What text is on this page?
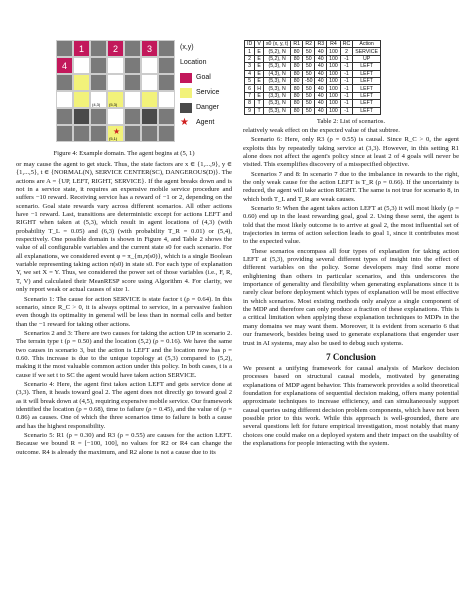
1	2	3
4
(4,3) (5,3)
★
(5,1)
(x,y)
Location
Goal
Service
Danger
★	Agent
Figure 4: Example domain. The agent begins at (5, 1)

or may cause the agent to get stuck. Thus, the state factors are x ∈ {1,...,9}, y ∈ {1,...,5}, t ∈ {NORMAL(N), SERVICE CENTER(SC), DANGEROUS(D)}. The actions are A = {UP, LEFT, RIGHT, SERVICE}. If the agent breaks down and is not in a service state, it requires an expensive mobile service procedure and suffers −10 reward. Receiving service has a reward of −1 or 2, depending on the scenario. Goal state rewards vary across different scenarios. All other actions have −1 reward. Last, transitions are deterministic except for actions LEFT and RIGHT when taken at (5,3), which result in agent locations of (4,3) (with probability T_L = 0.05) and (6,3) (with probability T_R = 0.01) or (5,4), respectively. One possible domain is shown in Figure 4, and Table 2 shows the value of all configurable variables and the current state s0 for each scenario. For all explanations, we considered event φ = π_{m,π(s0)}, which is a single Boolean variable representing taking action π(s0) in state s0. For each type of explanation Y, we set X = Y. Thus, we considered the power set of those variables (i.e., F, R, T, V) and calculated their MeanRESP score using Algorithm 4. For clarity, we only report weak or actual causes of size 1.

Scenario 1: The cause for action SERVICE is state factor t (ρ = 0.64). In this scenario, since R_C > 0, it is always optimal to service, in a pervasive fashion even though its optimality in general will be less than in normal cells and better than the −1 reward for taking other actions.

Scenarios 2 and 3: There are two causes for taking the action UP in scenario 2. The terrain type t (ρ = 0.50) and the location (5,2) (ρ = 0.16). We have the same two causes in scenario 3, but the action is LEFT and the location now has ρ = 0.60. This increase is due to the unique topology at (5,3) compared to (5,2), making it the most valuable common action under this policy. In both cases, t is a cause if we set t to SC the agent would have taken action SERVICE.

Scenario 4: Here, the agent first takes action LEFT and gets service done at (3,3). Then, it heads toward goal 2. The agent does not directly go toward goal 2 as it will break down at (4,5), requiring expensive mobile service. Our framework identified the location (ρ = 0.68), time to failure (ρ = 0.45), and the value of (ρ = 0.86) as causes. One of which the three scenarios time to failure is both a cause and has the highest responsibility.

Scenario 5: R1 (ρ = 0.30) and R3 (ρ = 0.55) are causes for the action LEFT. Because we bound R = [−100, 100], no values for R2 or R4 can change the outcome. R4 is already the maximum, and R2 alone is not a cause due to its

ID	V	s0 (x, y, t)	R1	R2	R3	R4	RC	Action
1	E	(5,2), N	80	50	40	100	2	SERVICE
2	E	(5,2), N	80	50	40	100	-1	UP
3	E	(5,3), N	80	50	40	100	-1	LEFT
4	E	(4,3), N	80	50	40	100	-1	LEFT
5	E	(5,3), N	80	-50	40	100	-1	LEFT
6	H	(5,3), N	80	50	40	100	-1	LEFT
7	E	(3,3), N	80	50	40	100	-1	LEFT
8	T	(5,3), N	80	50	40	100	-1	LEFT
9	T	(5,3), N	80	50	40	100	-1	LEFT
Table 2: List of scenarios.

relatively weak effect on the expected value of that subtree.

Scenario 6: Here, only R3 (ρ = 0.55) is causal. Since R_C > 0, the agent exploits this by repeatedly taking service at (3,3). However, in this setting R1 alone does not affect the agent's policy since at least 2 of 4 goals will never be visited. This exemplifies discovery of a misspecified objective.

Scenarios 7 and 8: In scenario 7 due to the imbalance in rewards to the right, the only weak cause for the action LEFT is T_R (ρ = 0.66). If the uncertainty is reduced, the agent will take action RIGHT. The same is not true for scenario 8, in which both T_L and T_R are weak causes.

Scenario 9: When the agent takes action LEFT at (5,3) it will most likely (ρ = 0.60) end up in the least rewarding goal, goal 2. Using these semi, the agent is told that the most likely outcome is to arrive at goal 2, the most influential set of trajectories in terms of action selection leads to goal 1, since it contributes most to the expected value.

These scenarios encompass all four types of explanation for taking action LEFT at (5,3), providing several different types of insight into the effect of different variables on the policy. Some developers may find some more enlightening than others in particular scenarios, and this underscores the importance of generality and flexibility when generating explanations since it is rarely clear before deployment which types of explanation will be most effective in which scenarios. Most existing methods only analyze a single component of the MDP and therefore can only produce a fraction of these explanations. This is a critical limitation when applying these explanation techniques to MDPs in the many domains we may want them. Moreover, it is evident from scenario 6 that our framework, besides being used to generate explanations that engender user trust in AI systems, may also be used to debug such systems.

7 Conclusion

We present a unifying framework for causal analysis of Markov decision processes based on structural causal models, motivated by generating explanations of MDP agent behavior. This framework provides a solid theoretical foundation for explanations of sequential decision making, offers many potential approximate techniques to increase efficiency, and can simultaneously support causal queries using different decision problem components, which have not been possible prior to this work. While this approach is well-grounded, there are several questions left for future empirical investigation, most notably that many choices one could make on a deployed system and their impact on the usability of the explanations for people interacting with the system.
